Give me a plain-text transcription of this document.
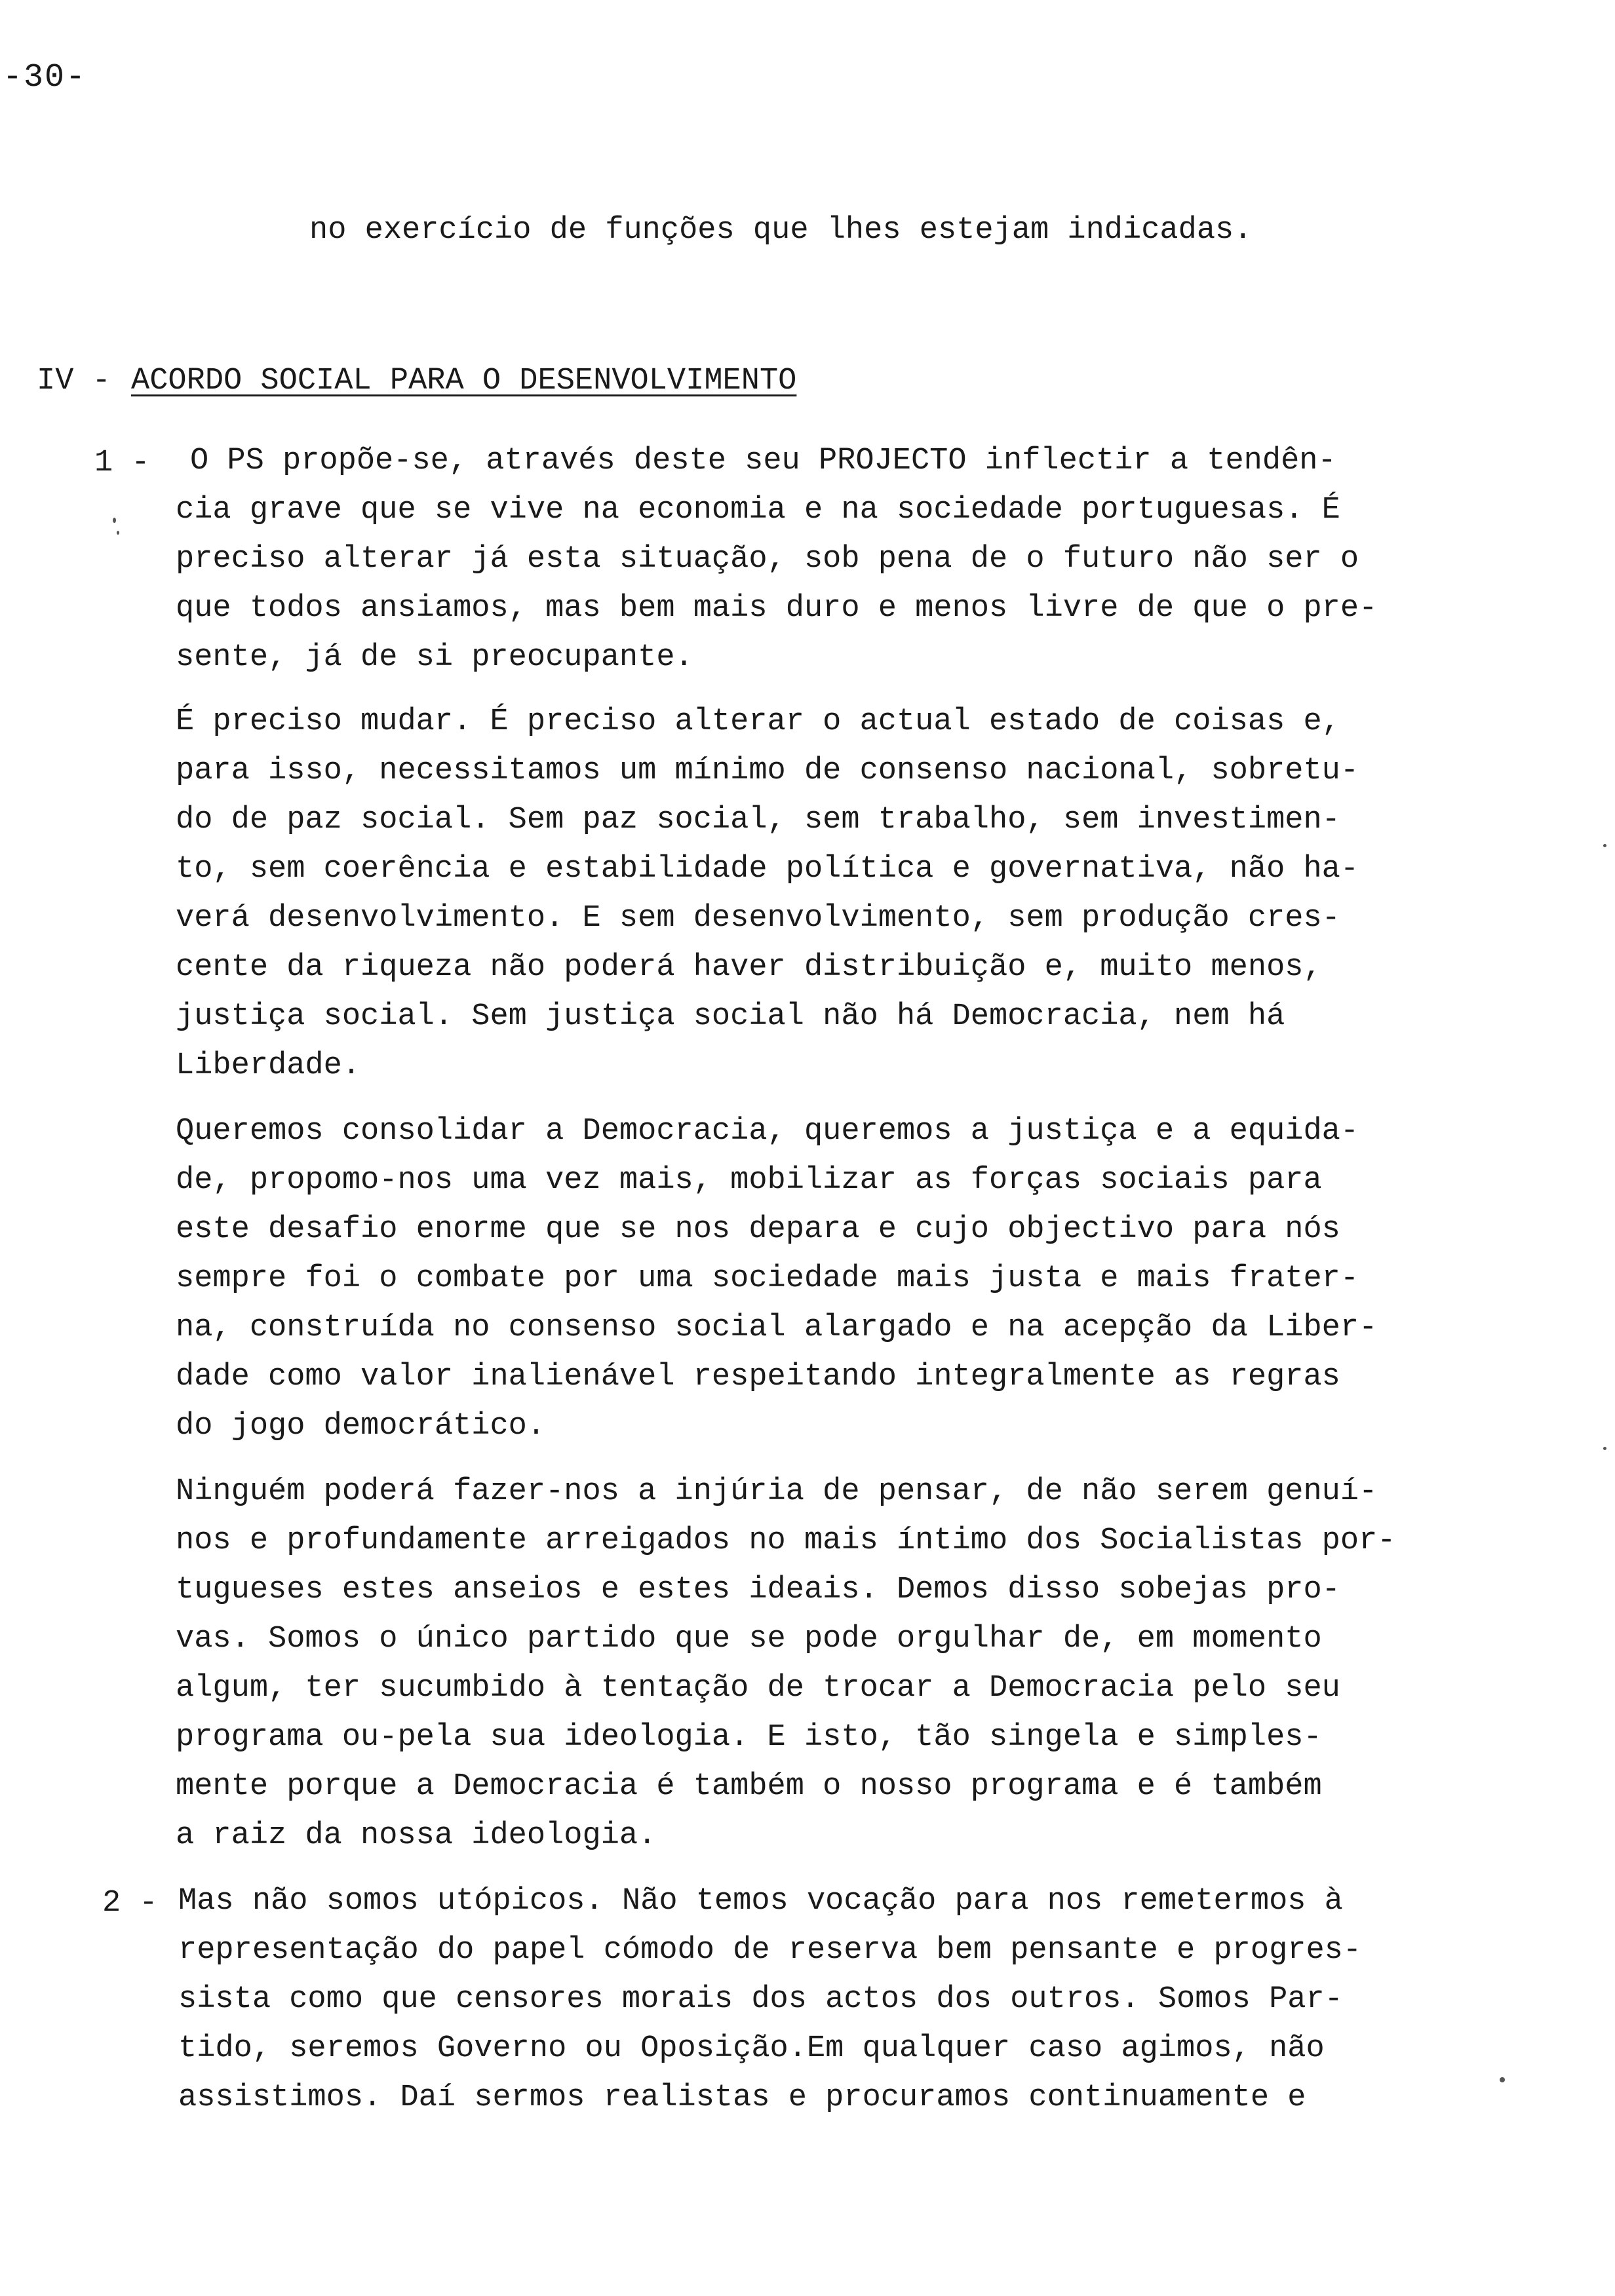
-30-
no exercício de funções que lhes estejam indicadas.
IV - ACORDO SOCIAL PARA O DESENVOLVIMENTO
1 - O PS propõe-se, através deste seu PROJECTO inflectir a tendên-
cia grave que se vive na economia e na sociedade portuguesas. É
preciso alterar já esta situação, sob pena de o futuro não ser o
que todos ansiamos, mas bem mais duro e menos livre de que o pre-
sente, já de si preocupante.
É preciso mudar. É preciso alterar o actual estado de coisas e,
para isso, necessitamos um mínimo de consenso nacional, sobretu-
do de paz social. Sem paz social, sem trabalho, sem investimen-
to, sem coerência e estabilidade política e governativa, não ha-
verá desenvolvimento. E sem desenvolvimento, sem produção cres-
cente da riqueza não poderá haver distribuição e, muito menos,
justiça social. Sem justiça social não há Democracia, nem há
Liberdade.
Queremos consolidar a Democracia, queremos a justiça e a equida-
de, propomo-nos uma vez mais, mobilizar as forças sociais para
este desafio enorme que se nos depara e cujo objectivo para nós
sempre foi o combate por uma sociedade mais justa e mais frater-
na, construída no consenso social alargado e na acepção da Liber-
dade como valor inalienável respeitando integralmente as regras
do jogo democrático.
Ninguém poderá fazer-nos a injúria de pensar, de não serem genuí-
nos e profundamente arreigados no mais íntimo dos Socialistas por-
tugueses estes anseios e estes ideais. Demos disso sobejas pro-
vas. Somos o único partido que se pode orgulhar de, em momento
algum, ter sucumbido à tentação de trocar a Democracia pelo seu
programa ou-pela sua ideologia. E isto, tão singela e simples-
mente porque a Democracia é também o nosso programa e é também
a raiz da nossa ideologia.
2 - Mas não somos utópicos. Não temos vocação para nos remetermos à
representação do papel cómodo de reserva bem pensante e progres-
sista como que censores morais dos actos dos outros. Somos Par-
tido, seremos Governo ou Oposição.Em qualquer caso agimos, não
assistimos. Daí sermos realistas e procuramos continuamente e
